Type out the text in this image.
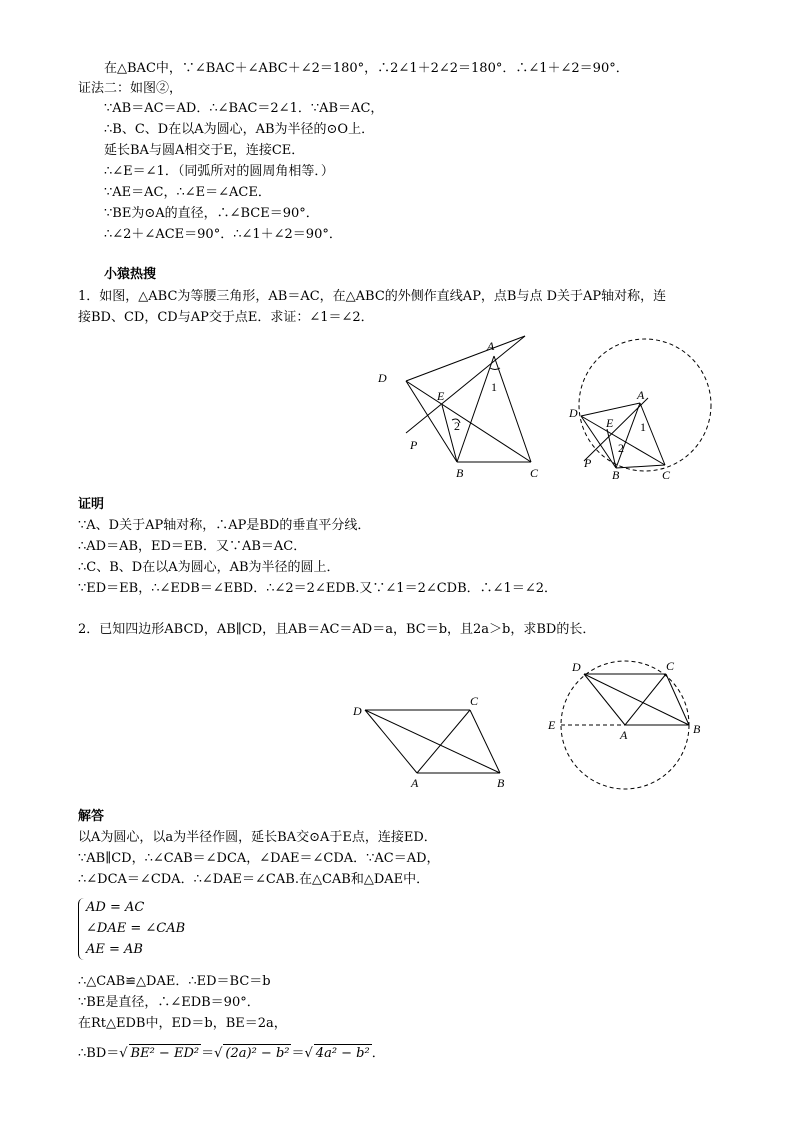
在△BAC中，∵∠BAC＋∠ABC＋∠2＝180°，∴2∠1＋2∠2＝180°．∴∠1＋∠2＝90°．
证法二：如图②，
∵AB＝AC＝AD．∴∠BAC＝2∠1．∵AB＝AC，
∴B、C、D在以A为圆心，AB为半径的⊙O上．
延长BA与圆A相交于E，连接CE．
∴∠E＝∠1．（同弧所对的圆周角相等．）
∵AE＝AC，∴∠E＝∠ACE．
∵BE为⊙A的直径，∴∠BCE＝90°．
∴∠2＋∠ACE＝90°．∴∠1＋∠2＝90°．
小猿热搜
1．如图，△ABC为等腰三角形，AB＝AC，在△ABC的外侧作直线AP，点B与点 D关于AP轴对称，连
接BD、CD，CD与AP交于点E．求证：∠1＝∠2．
A
D
E
P
B	C
1
2
A
D
E
P
B	C
1
2
证明
∵A、D关于AP轴对称，∴AP是BD的垂直平分线．
∴AD＝AB，ED＝EB．又∵AB＝AC．
∴C、B、D在以A为圆心，AB为半径的圆上．
∵ED＝EB，∴∠EDB＝∠EBD．∴∠2＝2∠EDB.又∵∠1＝2∠CDB．∴∠1＝∠2．
2．已知四边形ABCD，AB∥CD，且AB＝AC＝AD＝a，BC＝b，且2a＞b，求BD的长．
D
C
A	B
D	C
E
A	B
解答
以A为圆心，以a为半径作圆，延长BA交⊙A于E点，连接ED．
∵AB∥CD，∴∠CAB＝∠DCA，∠DAE＝∠CDA．∵AC＝AD，
∴∠DCA＝∠CDA．∴∠DAE＝∠CAB.在△CAB和△DAE中．
AD = AC
∠DAE = ∠CAB
AE = AB
∴△CAB≌△DAE．∴ED＝BC＝b
∵BE是直径，∴∠EDB＝90°．
在Rt△EDB中，ED＝b，BE＝2a，
∴BD＝√ BE² − ED² ＝√ (2a)² − b² ＝√ 4a² − b² ．
